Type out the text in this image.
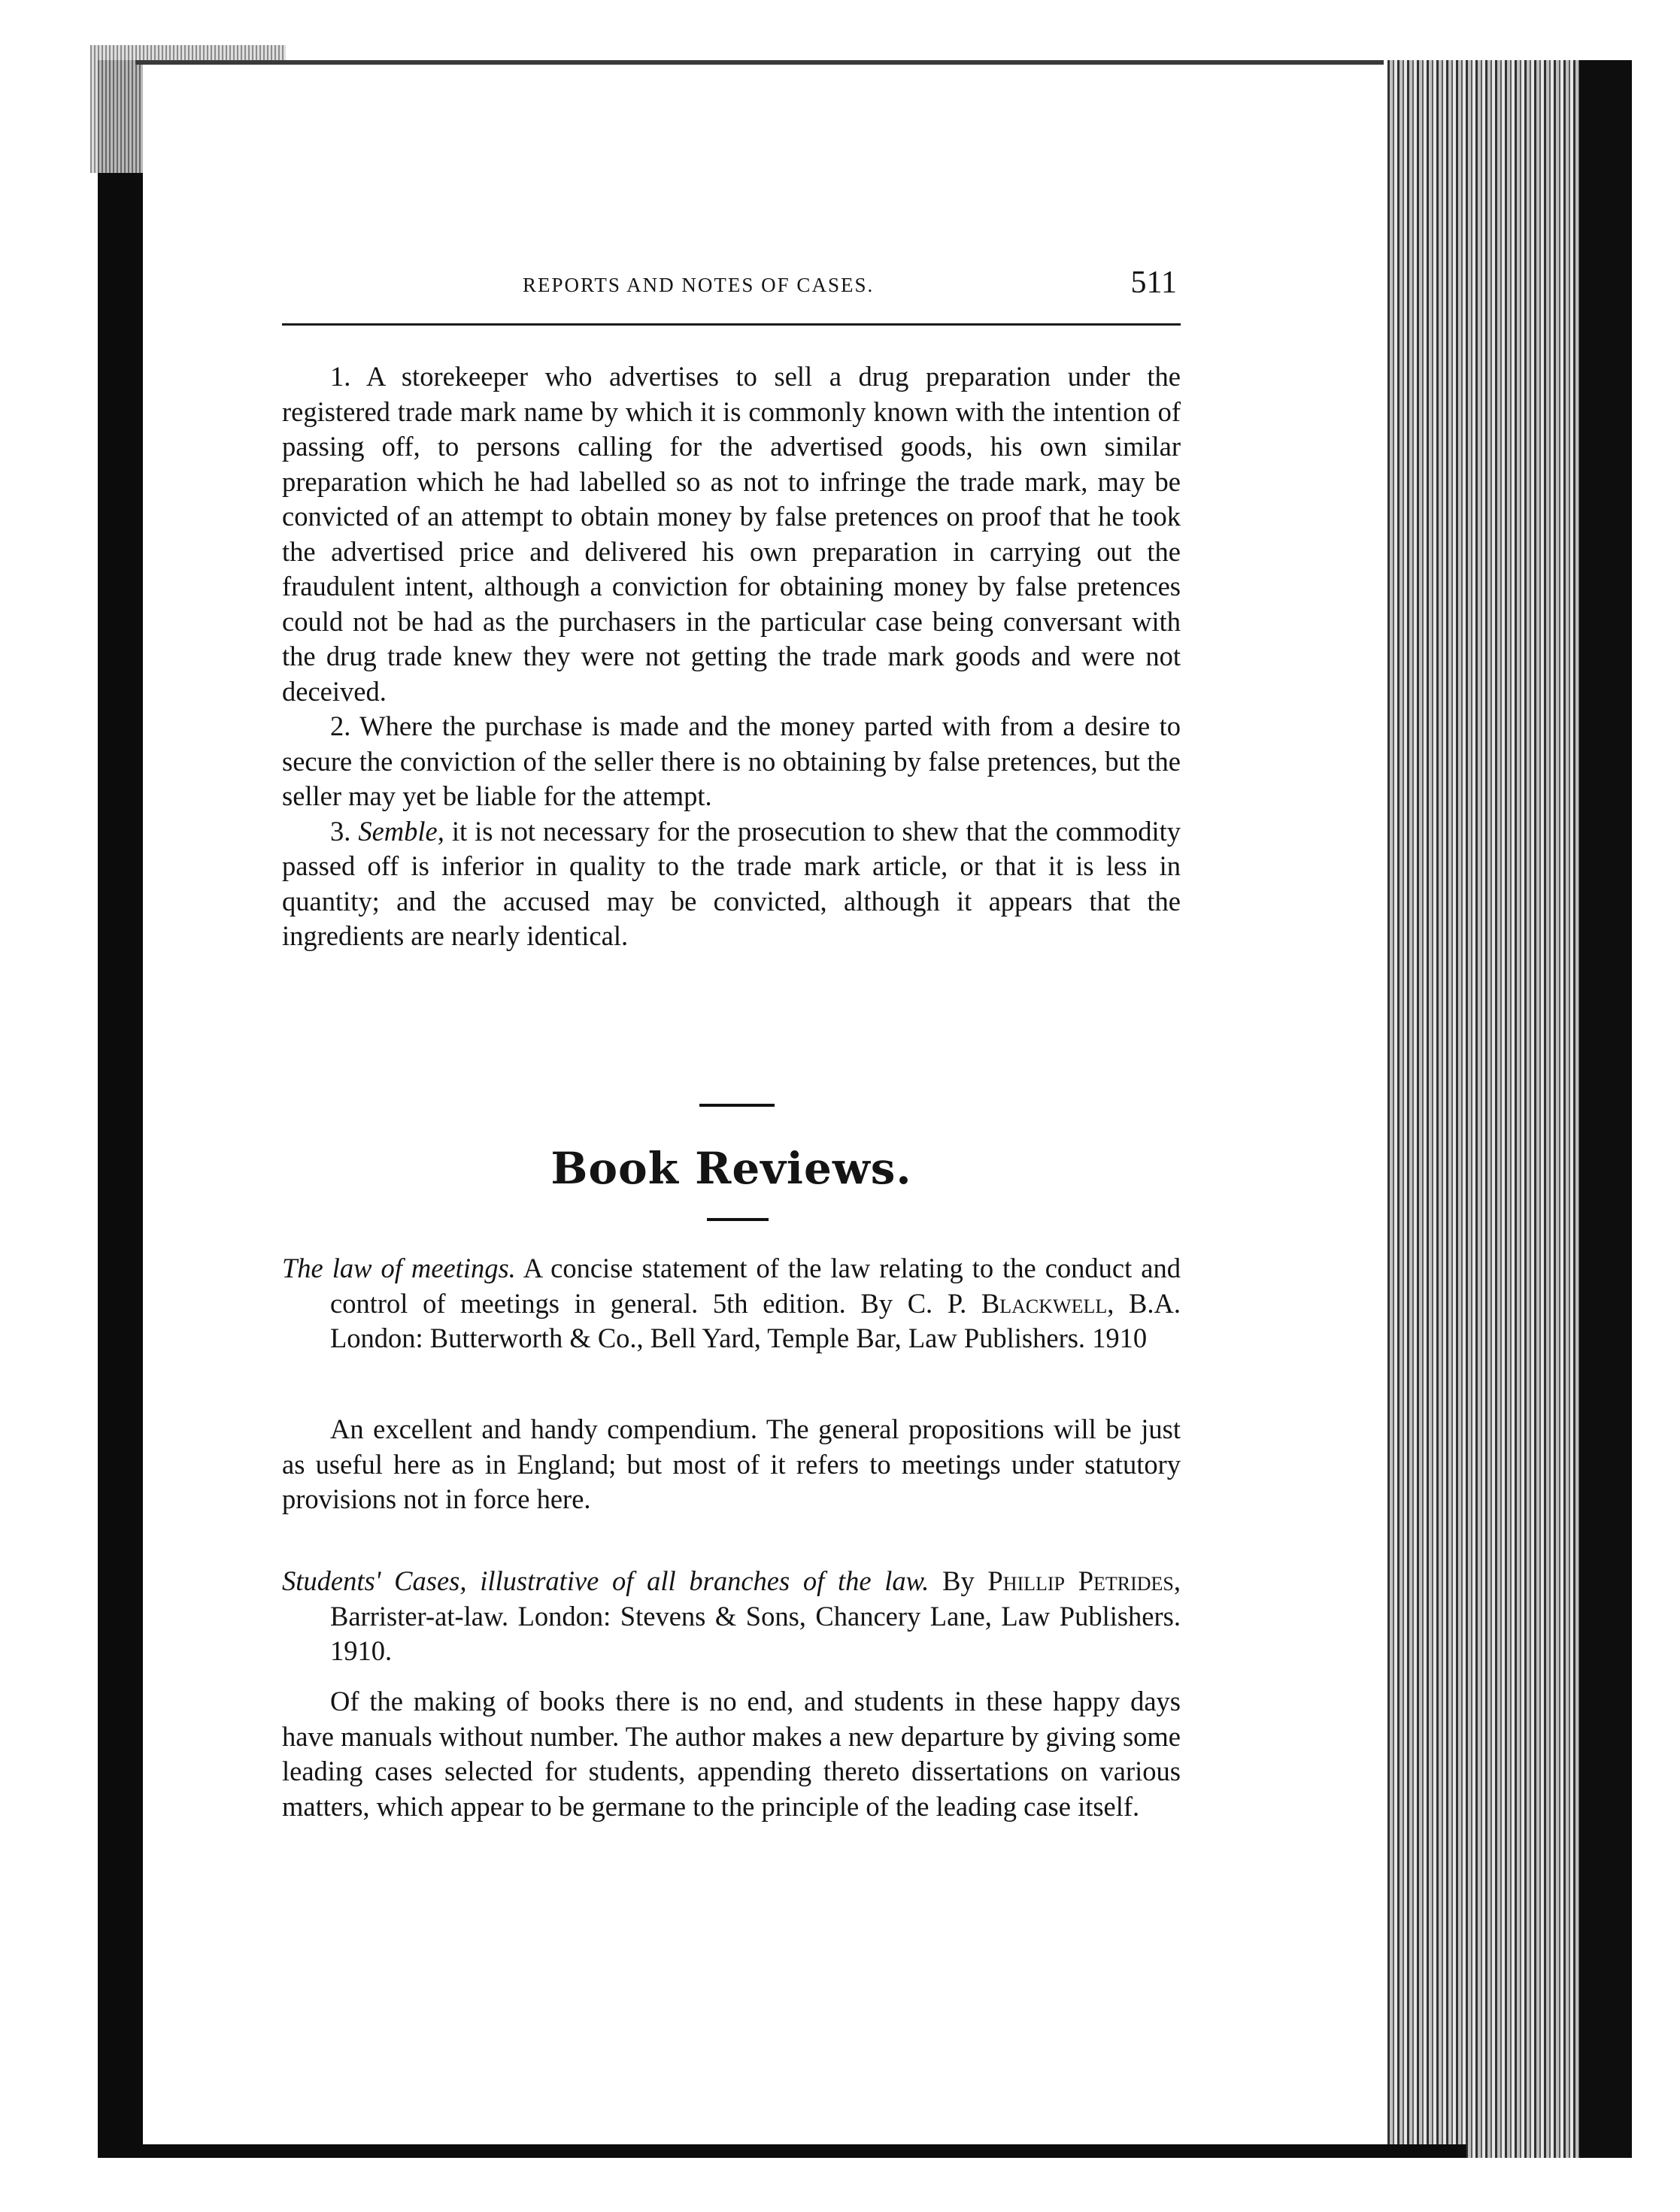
REPORTS AND NOTES OF CASES.	511

1. A storekeeper who advertises to sell a drug preparation under the registered trade mark name by which it is commonly known with the intention of passing off, to persons calling for the advertised goods, his own similar preparation which he had labelled so as not to infringe the trade mark, may be convicted of an attempt to obtain money by false pretences on proof that he took the advertised price and delivered his own preparation in carrying out the fraudulent intent, although a conviction for obtaining money by false pretences could not be had as the purchasers in the particular case being conversant with the drug trade knew they were not getting the trade mark goods and were not deceived.

2. Where the purchase is made and the money parted with from a desire to secure the conviction of the seller there is no obtaining by false pretences, but the seller may yet be liable for the attempt.

3. Semble, it is not necessary for the prosecution to shew that the commodity passed off is inferior in quality to the trade mark article, or that it is less in quantity; and the accused may be convicted, although it appears that the ingredients are nearly identical.

Book Reviews.
The law of meetings. A concise statement of the law relating to the conduct and control of meetings in general. 5th edition. By C. P. Blackwell, B.A. London: Butterworth & Co., Bell Yard, Temple Bar, Law Publishers. 1910

An excellent and handy compendium. The general propositions will be just as useful here as in England; but most of it refers to meetings under statutory provisions not in force here.

Students' Cases, illustrative of all branches of the law. By Phillip Petrides, Barrister-at-law. London: Stevens & Sons, Chancery Lane, Law Publishers. 1910.

Of the making of books there is no end, and students in these happy days have manuals without number. The author makes a new departure by giving some leading cases selected for students, appending thereto dissertations on various matters, which appear to be germane to the principle of the leading case itself.
